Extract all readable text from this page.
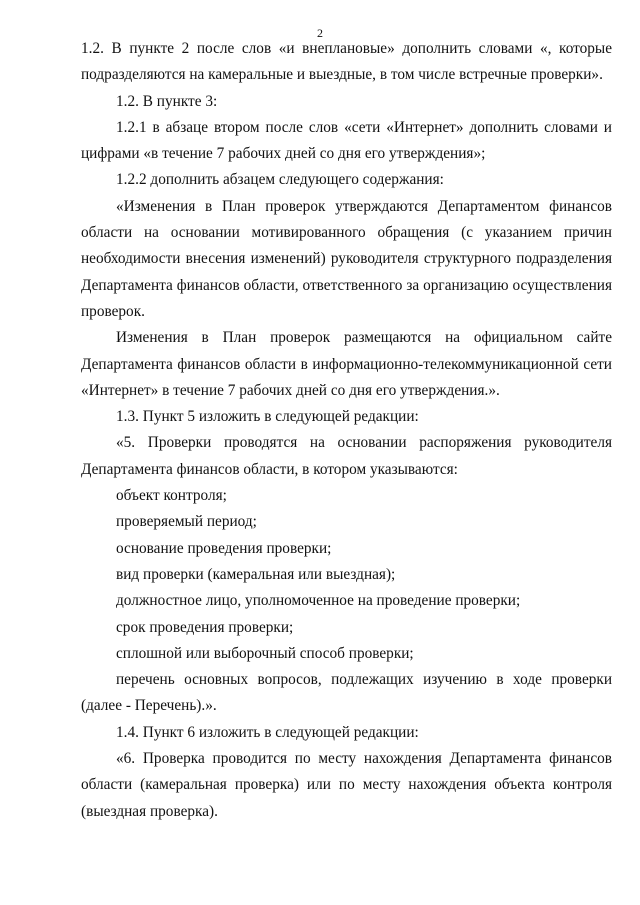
2

1.2. В пункте 2 после слов «и внеплановые» дополнить словами «, которые подразделяются на камеральные и выездные, в том числе встречные проверки».

1.2. В пункте 3:

1.2.1 в абзаце втором после слов «сети «Интернет» дополнить словами и цифрами «в течение 7 рабочих дней со дня его утверждения»;

1.2.2 дополнить абзацем следующего содержания:

«Изменения в План проверок утверждаются Департаментом финансов области на основании мотивированного обращения (с указанием причин необходимости внесения изменений) руководителя структурного подразделения Департамента финансов области, ответственного за организацию осуществления проверок.

Изменения в План проверок размещаются на официальном сайте Департамента финансов области в информационно-телекоммуникационной сети «Интернет» в течение 7 рабочих дней со дня его утверждения.».

1.3. Пункт 5 изложить в следующей редакции:

«5. Проверки проводятся на основании распоряжения руководителя Департамента финансов области, в котором указываются:

объект контроля;

проверяемый период;

основание проведения проверки;

вид проверки (камеральная или выездная);

должностное лицо, уполномоченное на проведение проверки;

срок проведения проверки;

сплошной или выборочный способ проверки;

перечень основных вопросов, подлежащих изучению в ходе проверки (далее - Перечень).».

1.4. Пункт 6 изложить в следующей редакции:

«6. Проверка проводится по месту нахождения Департамента финансов области (камеральная проверка) или по месту нахождения объекта контроля (выездная проверка).
